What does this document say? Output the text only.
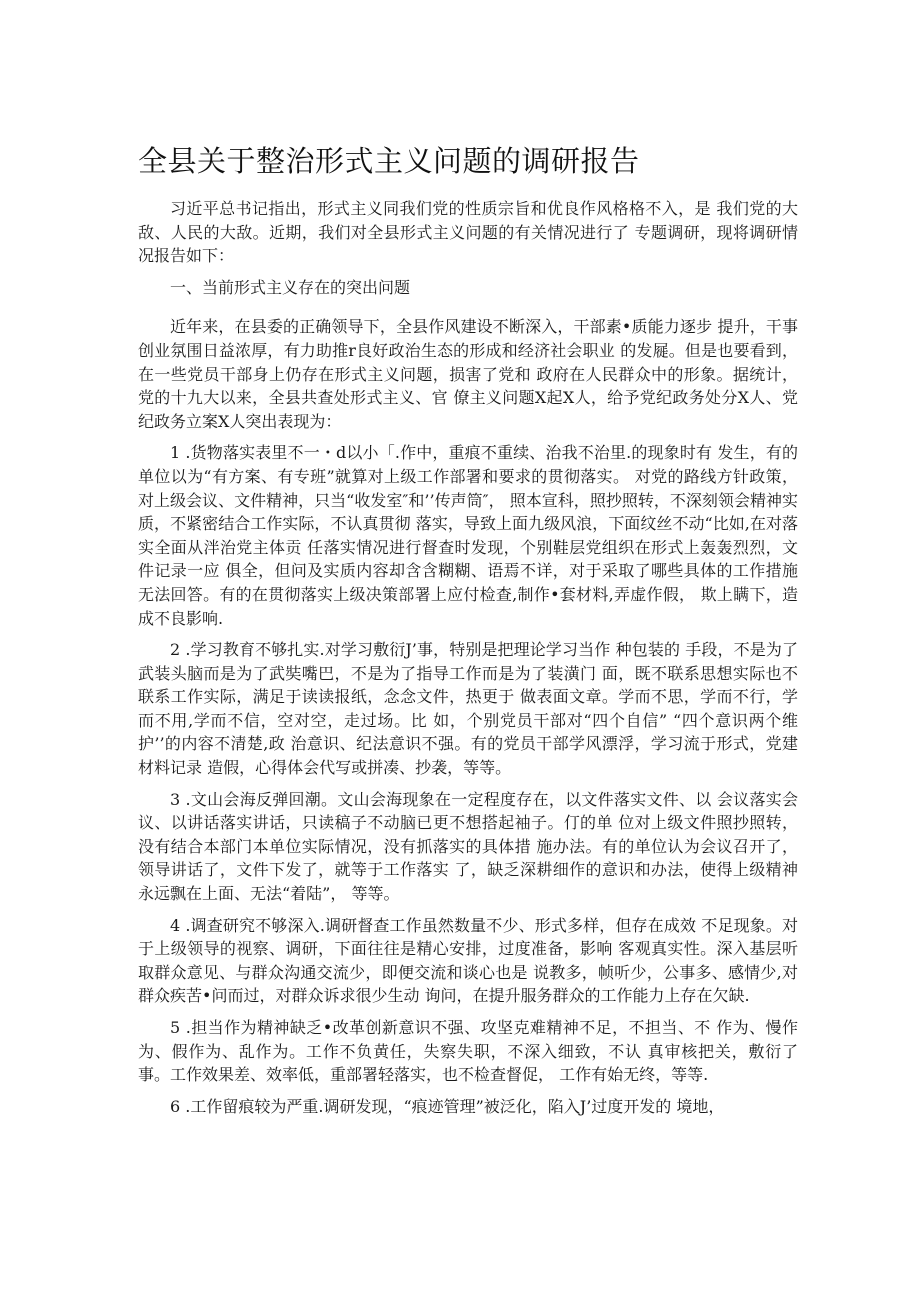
全县关于整治形式主义问题的调研报告

习近平总书记指出，形式主义同我们党的性质宗旨和优良作风格格不入，是 我们党的大敌、人民的大敌。近期，我们对全县形式主义问题的有关情况进行了 专题调研，现将调研情况报告如下：

一、当前形式主义存在的突出问题

近年来，在县委的正确领导下，全县作风建设不断深入，干部素•质能力逐步 提升，干事创业氛围日益浓厚，有力助推r良好政治生态的形成和经济社会职业 的发屣。但是也要看到，在一些党员干部身上仍存在形式主义问题，损害了党和 政府在人民群众中的形象。据统计，党的十九大以来，全县共查处形式主义、官 僚主义问题X起X人，给予党纪政务处分X人、党纪政务立案X人突出表现为：

1 .货物落实表里不一・d以小「.作中，重痕不重续、治我不治里.的现象时有 发生，有的单位以为“有方案、有专班”就算对上级工作部署和要求的贯彻落实。 对党的路线方针政策，对上级会议、文件精神，只当“收发室″和’’传声筒″， 照本宣科，照抄照转，不深刻领会精神实质，不紧密结合工作实际，不认真贯彻 落实，导致上面九级风浪，下面纹丝不动“比如,在对落实全面从泮治党主体贡 任落实情况进行督查时发现，个别鞋层党组织在形式上轰轰烈烈，文件记录一应 俱全，但问及实质内容却含含糊糊、语焉不详，对于采取了哪些具体的工作措施 无法回答。有的在贯彻落实上级决策部署上应付检查,制作•套材料,弄虚作假， 欺上瞒下，造成不良影响.

2 .学习教育不够扎实.对学习敷衍J’事，特别是把理论学习当作 种包装的 手段，不是为了武装头脑而是为了武奘嘴巴，不是为了指导工作而是为了装潢门 面，既不联系思想实际也不联系工作实际，满足于读读报纸，念念文件，热更于 做表面文章。学而不思，学而不行，学而不用,学而不信，空对空，走过场。比 如，个别党员干部对“四个自信” “四个意识两个维护’’的内容不清楚,政 治意识、纪法意识不强。有的党员干部学风漂浮，学习流于形式，党建材料记录 造假，心得体会代写或拼凑、抄袭，等等。

3 .文山会海反弹回潮。文山会海现象在一定程度存在，以文件落实文件、以 会议落实会议、以讲话落实讲话，只读稿子不动脑已更不想搭起袖子。仃的单 位对上级文件照抄照转，没有结合本部门本单位实际情况，没有抓落实的具体措 施办法。有的单位认为会议召开了，领导讲话了，文件下发了，就等于工作落实 了，缺乏深耕细作的意识和办法，使得上级精神永远飘在上面、无法“着陆”， 等等。

4 .调查研究不够深入.调研督查工作虽然数量不少、形式多样，但存在成效 不足现象。对于上级领导的视察、调研，下面往往是精心安排，过度准备，影响 客观真实性。深入基层听取群众意见、与群众沟通交流少，即便交流和谈心也是 说教多，帧听少，公事多、感情少,对群众疾苦•问而过，对群众诉求很少生动 询问，在提升服务群众的工作能力上存在欠缺.

5 .担当作为精神缺乏•改革创新意识不强、攻坚克难精神不足，不担当、不 作为、慢作为、假作为、乱作为。工作不负黄任，失察失职，不深入细致，不认 真审核把关，敷衍了事。工作效果差、效率低，重部署轻落实，也不检查督促， 工作有始无终，等等.

6 .工作留痕较为严重.调研发现，“痕迹管理”被泛化，陷入J’过度开发的 境地，
